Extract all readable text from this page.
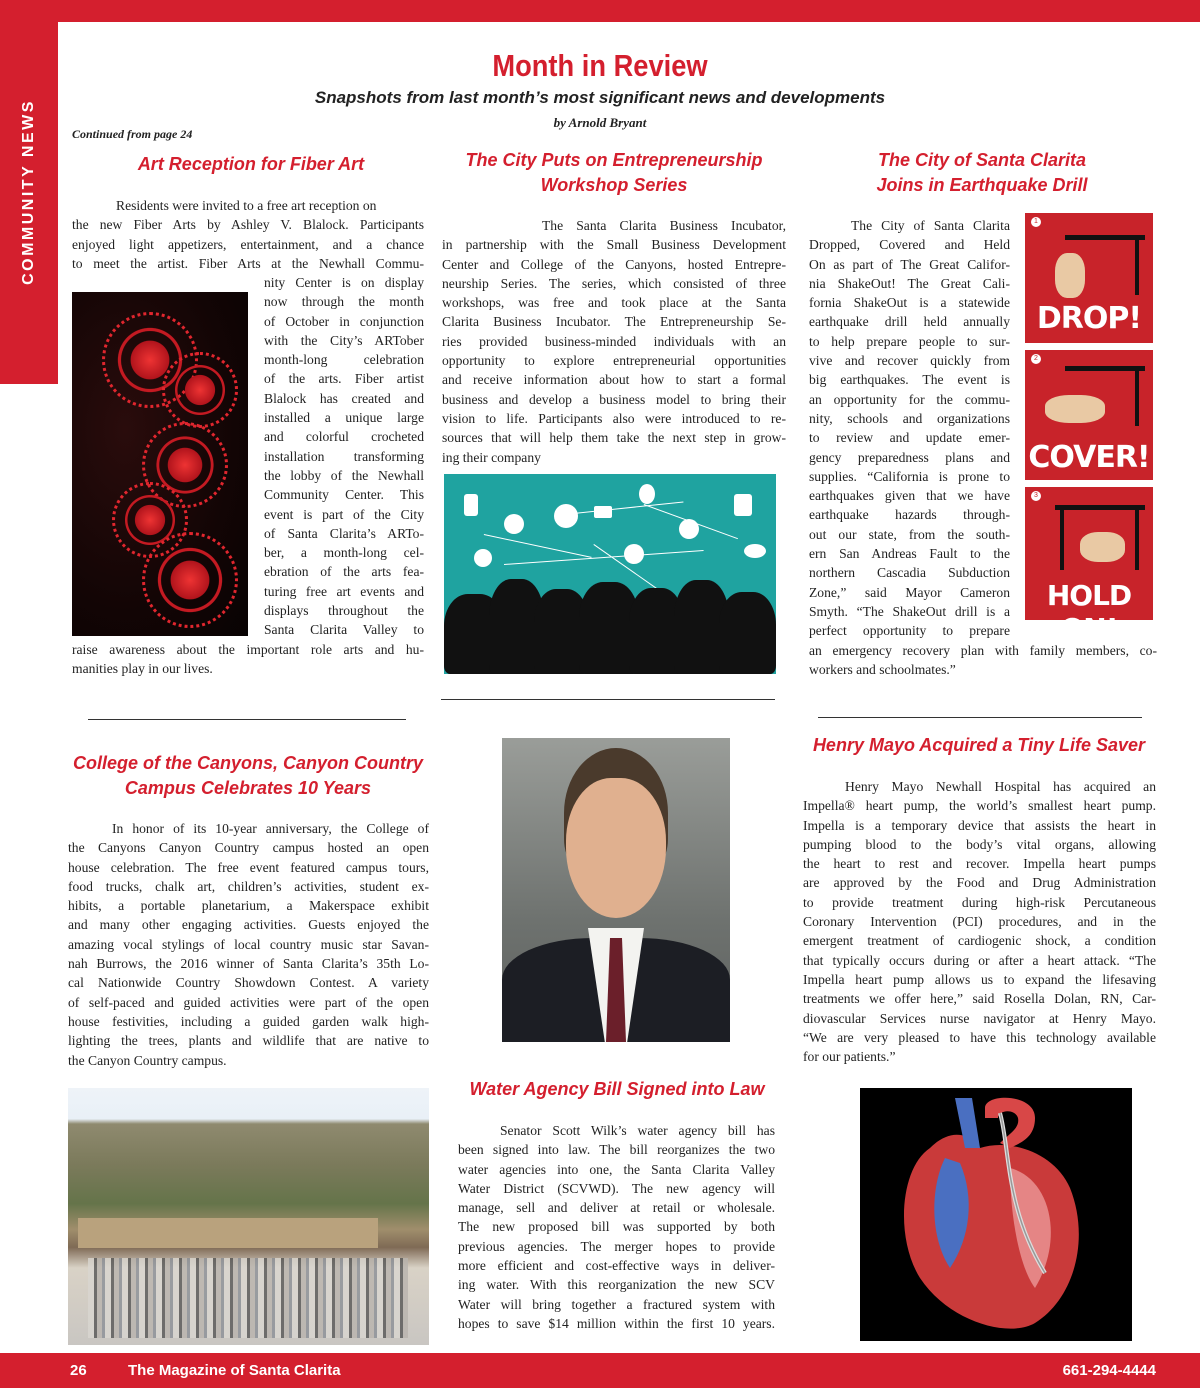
COMMUNITY NEWS
Month in Review
Snapshots from last month’s most significant news and developments
by Arnold Bryant
Continued from page 24
Art Reception for Fiber Art
Residents were invited to a free art reception on
the new Fiber Arts by Ashley V. Blalock. Participants
enjoyed light appetizers, entertainment, and a chance
to meet the artist. Fiber Arts at the Newhall Commu-
nity Center is on display
now through the month
of October in conjunction
with the City’s ARTober
month-long celebration
of the arts. Fiber artist
Blalock has created and
installed a unique large
and colorful crocheted
installation transforming
the lobby of the Newhall
Community Center. This
event is part of the City
of Santa Clarita’s ARTo-
ber, a month-long cel-
ebration of the arts fea-
turing free art events and
displays throughout the
Santa Clarita Valley to
raise awareness about the important role arts and hu-
manities play in our lives.
The City Puts on Entrepreneurship
Workshop Series
The Santa Clarita Business Incubator,
in partnership with the Small Business Development
Center and College of the Canyons, hosted Entrepre-
neurship Series. The series, which consisted of three
workshops, was free and took place at the Santa
Clarita Business Incubator. The Entrepreneurship Se-
ries provided business-minded individuals with an
opportunity to explore entrepreneurial opportunities
and receive information about how to start a formal
business and develop a business model to bring their
vision to life. Participants also were introduced to re-
sources that will help them take the next step in grow-
ing their company
The City of Santa Clarita
Joins in Earthquake Drill
The City of Santa Clarita
Dropped, Covered and Held
On as part of The Great Califor-
nia ShakeOut! The Great Cali-
fornia ShakeOut is a statewide
earthquake drill held annually
to help prepare people to sur-
vive and recover quickly from
big earthquakes. The event is
an opportunity for the commu-
nity, schools and organizations
to review and update emer-
gency preparedness plans and
supplies. “California is prone to
earthquakes given that we have
earthquake hazards through-
out our state, from the south-
ern San Andreas Fault to the
northern Cascadia Subduction
Zone,” said Mayor Cameron
Smyth. “The ShakeOut drill is a
perfect opportunity to prepare
an emergency recovery plan with family members, co-
workers and schoolmates.”
1
DROP!
2
COVER!
3
HOLD ON!
College of the Canyons, Canyon Country
Campus Celebrates 10 Years
In honor of its 10-year anniversary, the College of
the Canyons Canyon Country campus hosted an open
house celebration. The free event featured campus tours,
food trucks, chalk art, children’s activities, student ex-
hibits, a portable planetarium, a Makerspace exhibit
and many other engaging activities. Guests enjoyed the
amazing vocal stylings of local country music star Savan-
nah Burrows, the 2016 winner of Santa Clarita’s 35th Lo-
cal Nationwide Country Showdown Contest. A variety
of self-paced and guided activities were part of the open
house festivities, including a guided garden walk high-
lighting the trees, plants and wildlife that are native to
the Canyon Country campus.
Water Agency Bill Signed into Law
Senator Scott Wilk’s water agency bill has
been signed into law. The bill reorganizes the two
water agencies into one, the Santa Clarita Valley
Water District (SCVWD). The new agency will
manage, sell and deliver at retail or wholesale.
The new proposed bill was supported by both
previous agencies. The merger hopes to provide
more efficient and cost-effective ways in deliver-
ing water. With this reorganization the new SCV
Water will bring together a fractured system with
hopes to save $14 million within the first 10 years.
Henry Mayo Acquired a Tiny Life Saver
Henry Mayo Newhall Hospital has acquired an
Impella® heart pump, the world’s smallest heart pump.
Impella is a temporary device that assists the heart in
pumping blood to the body’s vital organs, allowing
the heart to rest and recover. Impella heart pumps
are approved by the Food and Drug Administration
to provide treatment during high-risk Percutaneous
Coronary Intervention (PCI) procedures, and in the
emergent treatment of cardiogenic shock, a condition
that typically occurs during or after a heart attack. “The
Impella heart pump allows us to expand the lifesaving
treatments we offer here,” said Rosella Dolan, RN, Car-
diovascular Services nurse navigator at Henry Mayo.
“We are very pleased to have this technology available
for our patients.”
26	The Magazine of Santa Clarita	661-294-4444
